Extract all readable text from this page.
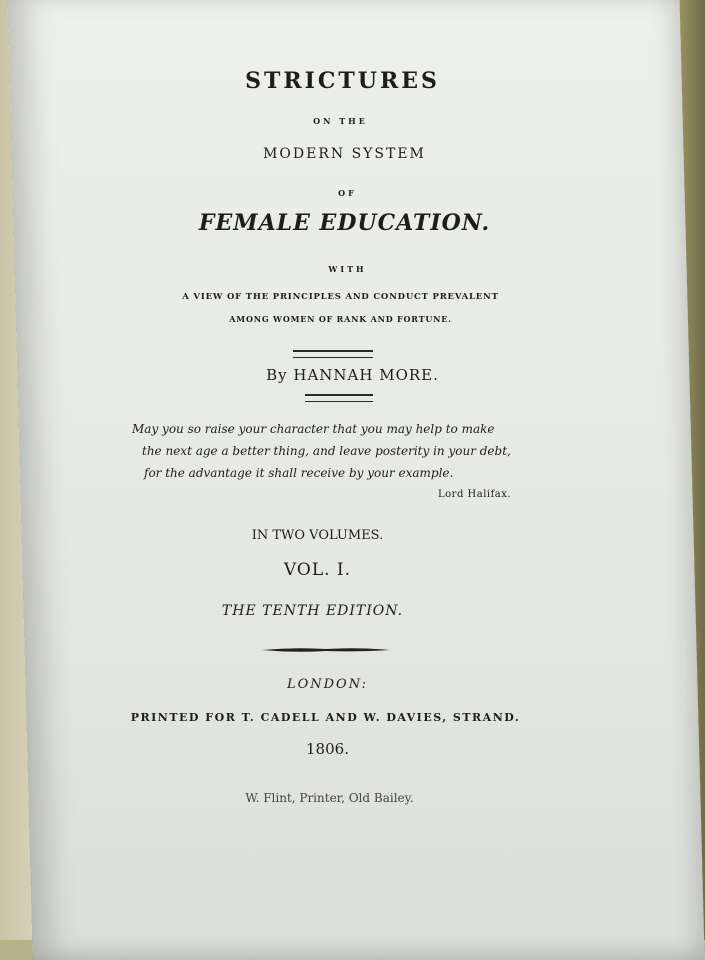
STRICTURES
ON THE
MODERN SYSTEM
OF
FEMALE EDUCATION.
WITH
A VIEW OF THE PRINCIPLES AND CONDUCT PREVALENT
AMONG WOMEN OF RANK AND FORTUNE.
By HANNAH MORE.
May you so raise your character that you may help to make
the next age a better thing, and leave posterity in your debt,
for the advantage it shall receive by your example.
Lord Halifax.
IN TWO VOLUMES.
VOL. I.
THE TENTH EDITION.
LONDON:
PRINTED FOR T. CADELL AND W. DAVIES, STRAND.
1806.
W. Flint, Printer, Old Bailey.
